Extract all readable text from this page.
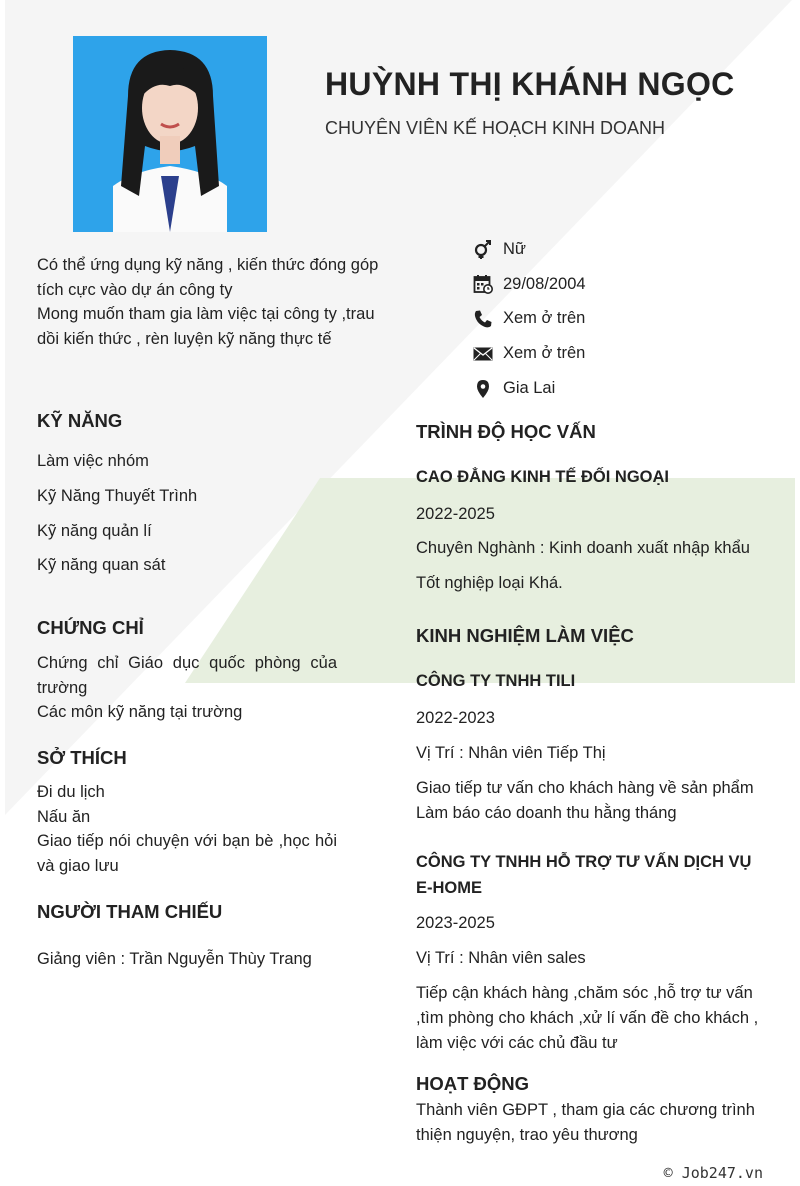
HUỲNH THỊ KHÁNH NGỌC
CHUYÊN VIÊN KẾ HOẠCH KINH DOANH
Có thể ứng dụng kỹ năng , kiến thức đóng góp tích cực vào dự án công ty
Mong muốn tham gia làm việc tại công ty ,trau dồi kiến thức , rèn luyện kỹ năng thực tế
Nữ
29/08/2004
Xem ở trên
Xem ở trên
Gia Lai
KỸ NĂNG
Làm việc nhóm
Kỹ Năng Thuyết Trình
Kỹ năng quản lí
Kỹ năng quan sát
CHỨNG CHỈ
Chứng chỉ Giáo dục quốc phòng của trường
Các môn kỹ năng tại trường
SỞ THÍCH
Đi du lịch
Nấu ăn
Giao tiếp nói chuyện với bạn bè ,học hỏi và giao lưu
NGƯỜI THAM CHIẾU
Giảng viên : Trần Nguyễn Thùy Trang
TRÌNH ĐỘ HỌC VẤN
CAO ĐẲNG KINH TẾ ĐỐI NGOẠI
2022-2025
Chuyên Nghành : Kinh doanh xuất nhập khẩu
Tốt nghiệp loại Khá.
KINH NGHIỆM LÀM VIỆC
CÔNG TY TNHH TILI
2022-2023
Vị Trí : Nhân viên Tiếp Thị
Giao tiếp tư vấn cho khách hàng về sản phẩm
Làm báo cáo doanh thu hằng tháng
CÔNG TY TNHH HỖ TRỢ TƯ VẤN DỊCH VỤ E-HOME
2023-2025
Vị Trí : Nhân viên sales
Tiếp cận khách hàng ,chăm sóc ,hỗ trợ tư vấn ,tìm phòng cho khách ,xử lí vấn đề cho khách , làm việc với các chủ đầu tư
HOẠT ĐỘNG
Thành viên GĐPT , tham gia các chương trình thiện nguyện, trao yêu thương
© Job247.vn
